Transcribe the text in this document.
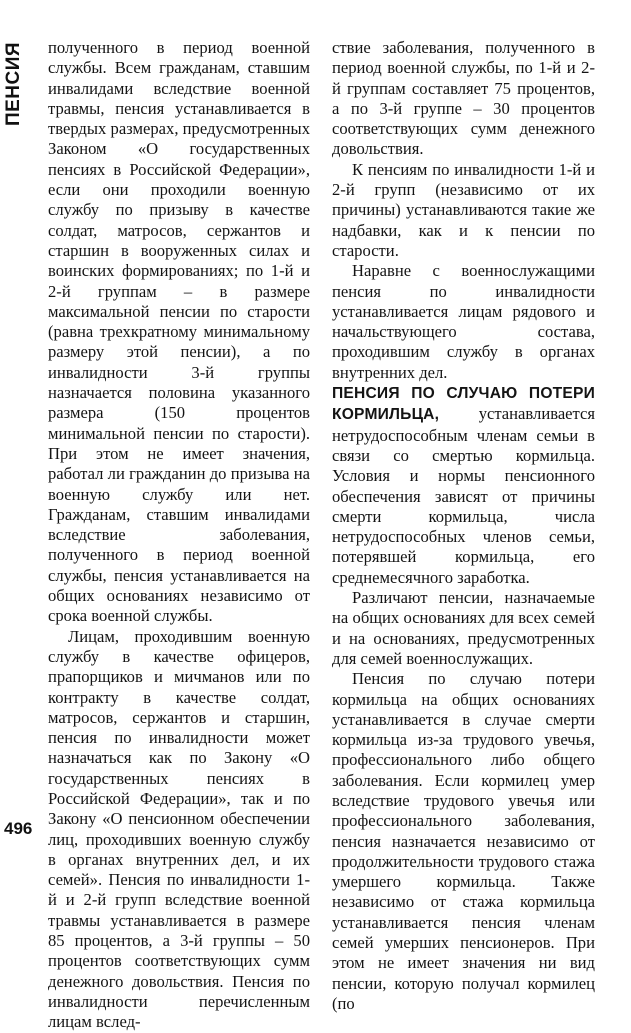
ПЕНСИЯ полученного в период военной службы. Всем гражданам, ставшим инвалидами вследствие военной травмы, пенсия устанавливается в твердых размерах, предусмотренных Законом «О государственных пенсиях в Российской Федерации», если они проходили военную службу по призыву в качестве солдат, матросов, сержантов и старшин в вооруженных силах и воинских формированиях; по 1-й и 2-й группам – в размере максимальной пенсии по старости (равна трехкратному минимальному размеру этой пенсии), а по инвалидности 3-й группы назначается половина указанного размера (150 процентов минимальной пенсии по старости). При этом не имеет значения, работал ли гражданин до призыва на военную службу или нет. Гражданам, ставшим инвалидами вследствие заболевания, полученного в период военной службы, пенсия устанавливается на общих основаниях независимо от срока военной службы.

Лицам, проходившим военную службу в качестве офицеров, прапорщиков и мичманов или по контракту в качестве солдат, матросов, сержантов и старшин, пенсия по инвалидности может назначаться как по Закону «О государственных пенсиях в Российской Федерации», так и по Закону «О пенсионном обеспечении лиц, проходивших военную службу в органах внутренних дел, и их семей». Пенсия по инвалидности 1-й и 2-й групп вследствие военной травмы устанавливается в размере 85 процентов, а 3-й группы – 50 процентов соответствующих сумм денежного довольствия. Пенсия по инвалидности перечисленным лицам вслед-

ствие заболевания, полученного в период военной службы, по 1-й и 2-й группам составляет 75 процентов, а по 3-й группе – 30 процентов соответствующих сумм денежного довольствия.

К пенсиям по инвалидности 1-й и 2-й групп (независимо от их причины) устанавливаются такие же надбавки, как и к пенсии по старости.

Наравне с военнослужащими пенсия по инвалидности устанавливается лицам рядового и начальствующего состава, проходившим службу в органах внутренних дел.

ПЕНСИЯ ПО СЛУЧАЮ ПОТЕРИ КОРМИЛЬЦА, устанавливается нетрудоспособным членам семьи в связи со смертью кормильца. Условия и нормы пенсионного обеспечения зависят от причины смерти кормильца, числа нетрудоспособных членов семьи, потерявшей кормильца, его среднемесячного заработка.

Различают пенсии, назначаемые на общих основаниях для всех семей и на основаниях, предусмотренных для семей военнослужащих.

Пенсия по случаю потери кормильца на общих основаниях устанавливается в случае смерти кормильца из-за трудового увечья, профессионального либо общего заболевания. Если кормилец умер вследствие трудового увечья или профессионального заболевания, пенсия назначается независимо от продолжительности трудового стажа умершего кормильца. Также независимо от стажа кормильца устанавливается пенсия членам семей умерших пенсионеров. При этом не имеет значения ни вид пенсии, которую получал кормилец (по

496
